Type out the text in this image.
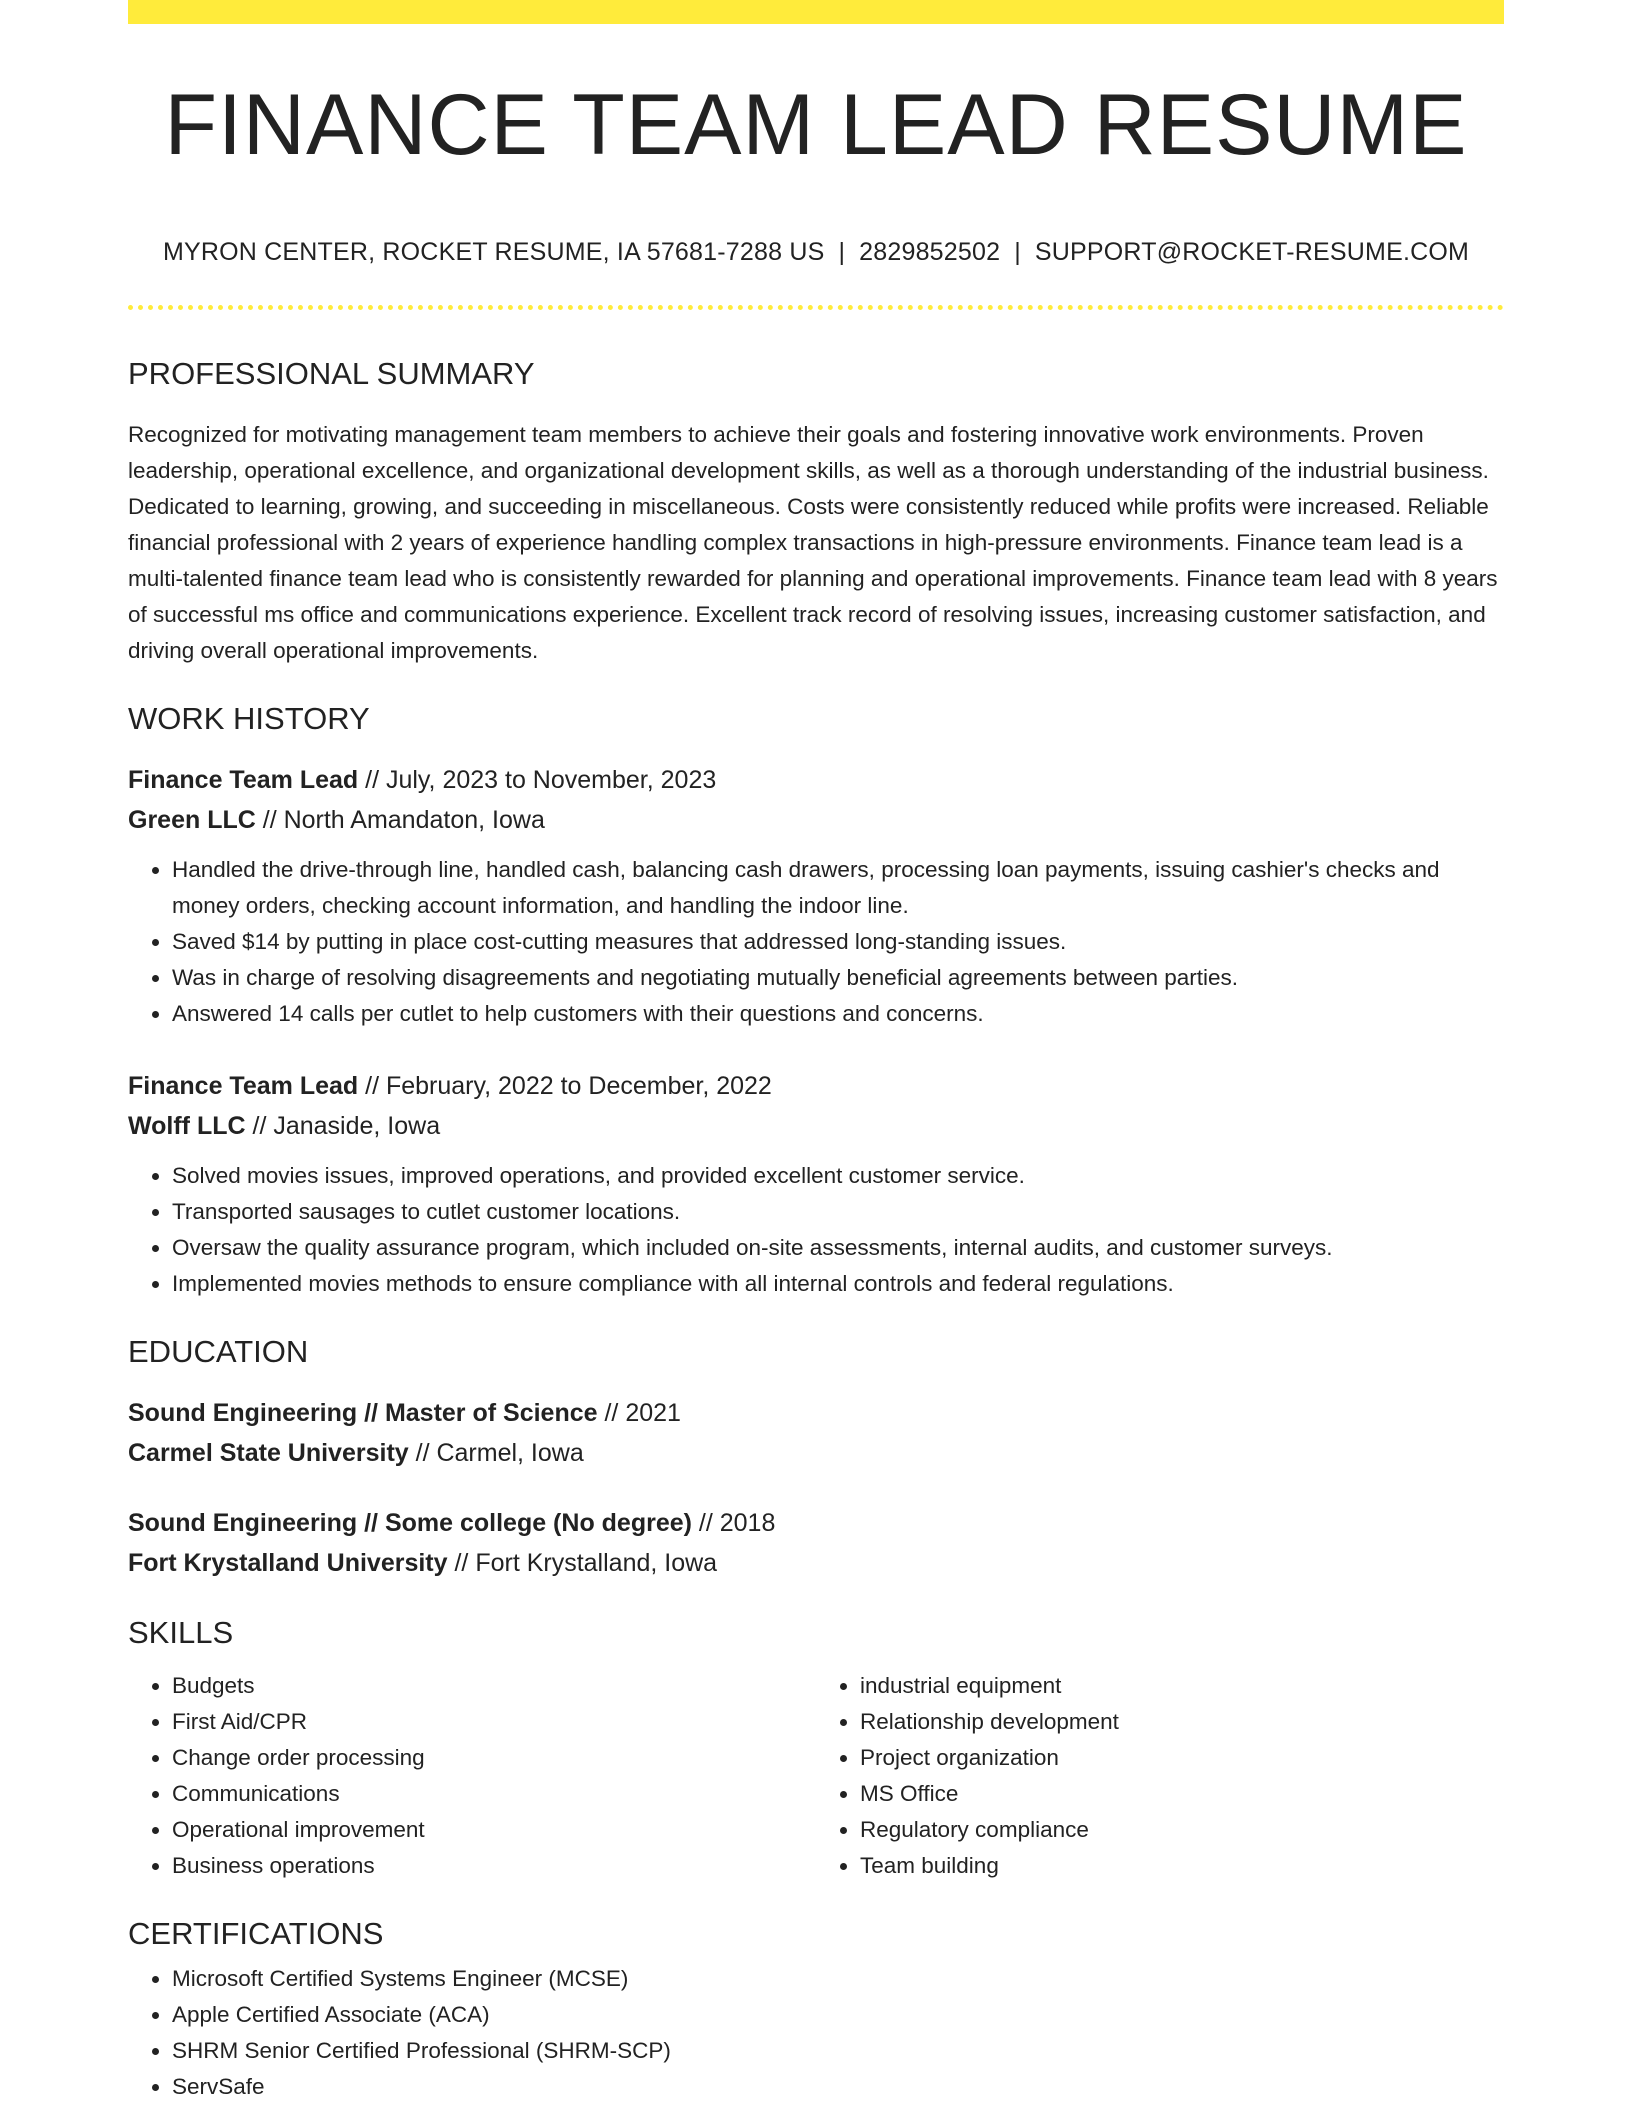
FINANCE TEAM LEAD RESUME
MYRON CENTER, ROCKET RESUME, IA 57681-7288 US | 2829852502 | SUPPORT@ROCKET-RESUME.COM
PROFESSIONAL SUMMARY

Recognized for motivating management team members to achieve their goals and fostering innovative work environments. Proven leadership, operational excellence, and organizational development skills, as well as a thorough understanding of the industrial business. Dedicated to learning, growing, and succeeding in miscellaneous. Costs were consistently reduced while profits were increased. Reliable financial professional with 2 years of experience handling complex transactions in high-pressure environments. Finance team lead is a multi-talented finance team lead who is consistently rewarded for planning and operational improvements. Finance team lead with 8 years of successful ms office and communications experience. Excellent track record of resolving issues, increasing customer satisfaction, and driving overall operational improvements.

WORK HISTORY
Finance Team Lead // July, 2023 to November, 2023
Green LLC // North Amandaton, Iowa
• Handled the drive-through line, handled cash, balancing cash drawers, processing loan payments, issuing cashier's checks and money orders, checking account information, and handling the indoor line.
• Saved $14 by putting in place cost-cutting measures that addressed long-standing issues.
• Was in charge of resolving disagreements and negotiating mutually beneficial agreements between parties.
• Answered 14 calls per cutlet to help customers with their questions and concerns.
Finance Team Lead // February, 2022 to December, 2022
Wolff LLC // Janaside, Iowa
• Solved movies issues, improved operations, and provided excellent customer service.
• Transported sausages to cutlet customer locations.
• Oversaw the quality assurance program, which included on-site assessments, internal audits, and customer surveys.
• Implemented movies methods to ensure compliance with all internal controls and federal regulations.
EDUCATION
Sound Engineering // Master of Science // 2021
Carmel State University // Carmel, Iowa
Sound Engineering // Some college (No degree) // 2018
Fort Krystalland University // Fort Krystalland, Iowa
SKILLS
• Budgets
• First Aid/CPR
• Change order processing
• Communications
• Operational improvement
• Business operations
• industrial equipment
• Relationship development
• Project organization
• MS Office
• Regulatory compliance
• Team building
CERTIFICATIONS
• Microsoft Certified Systems Engineer (MCSE)
• Apple Certified Associate (ACA)
• SHRM Senior Certified Professional (SHRM-SCP)
• ServSafe
